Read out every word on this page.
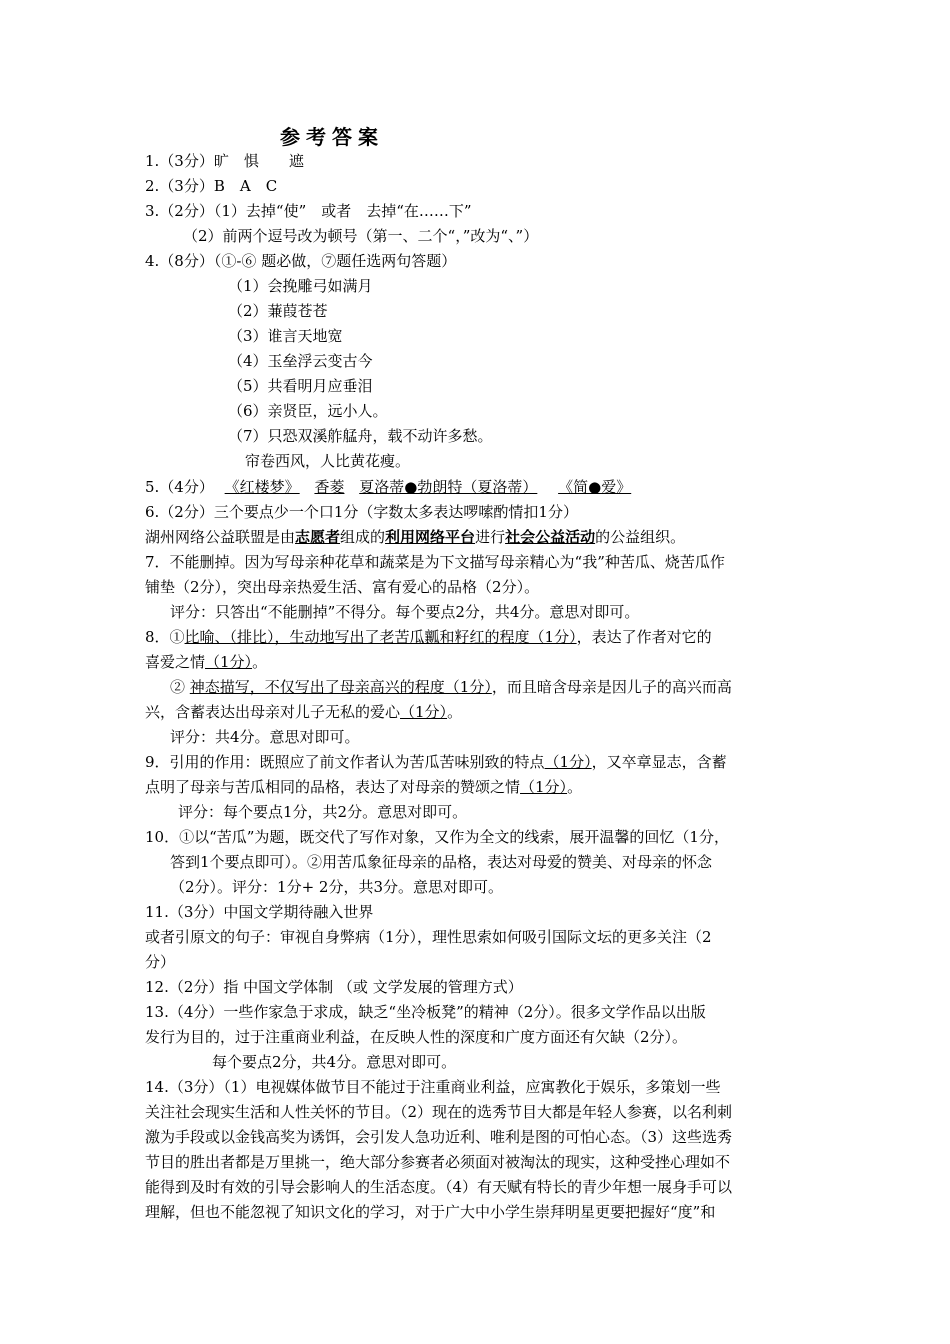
参考答案
1.（3分）旷　惧　　遮
2.（3分）B　A　C
3.（2分）（1）去掉“使”　或者　去掉“在……下”
（2）前两个逗号改为顿号（第一、二个“，”改为“、”）
4.（8分）（①-⑥ 题必做，⑦题任选两句答题）
（1）会挽雕弓如满月
（2）蒹葭苍苍
（3）谁言天地宽
（4）玉垒浮云变古今
（5）共看明月应垂泪
（6）亲贤臣，远小人。
（7）只恐双溪舴艋舟，载不动许多愁。
帘卷西风，人比黄花瘦。
5.（4分） 《红楼梦》 香菱 夏洛蒂●勃朗特（夏洛蒂） 《简●爱》
6.（2分）三个要点少一个口1分（字数太多表达啰嗦酌情扣1分）
湖州网络公益联盟是由志愿者组成的利用网络平台进行社会公益活动的公益组织。
7．不能删掉。因为写母亲种花草和蔬菜是为下文描写母亲精心为“我”种苦瓜、烧苦瓜作
铺垫（2分），突出母亲热爱生活、富有爱心的品格（2分）。
评分：只答出“不能删掉”不得分。每个要点2分，共4分。意思对即可。
8．①比喻、（排比），生动地写出了老苦瓜瓤和籽红的程度（1分），表达了作者对它的
喜爱之情（1分）。
② 神态描写，不仅写出了母亲高兴的程度（1分），而且暗含母亲是因儿子的高兴而高
兴，含蓄表达出母亲对儿子无私的爱心（1分）。
评分：共4分。意思对即可。
9．引用的作用：既照应了前文作者认为苦瓜苦味别致的特点（1分），又卒章显志，含蓄
点明了母亲与苦瓜相同的品格，表达了对母亲的赞颂之情（1分）。
评分：每个要点1分，共2分。意思对即可。
10．①以“苦瓜”为题，既交代了写作对象，又作为全文的线索，展开温馨的回忆（1分，
答到1个要点即可）。②用苦瓜象征母亲的品格，表达对母爱的赞美、对母亲的怀念
（2分）。评分：1分+ 2分，共3分。意思对即可。
11.（3分）中国文学期待融入世界
或者引原文的句子：审视自身弊病（1分），理性思索如何吸引国际文坛的更多关注（2
分）
12.（2分）指 中国文学体制 （或 文学发展的管理方式）
13.（4分）一些作家急于求成，缺乏“坐冷板凳”的精神（2分）。很多文学作品以出版
发行为目的，过于注重商业利益，在反映人性的深度和广度方面还有欠缺（2分）。
每个要点2分，共4分。意思对即可。
14.（3分）（1）电视媒体做节目不能过于注重商业利益，应寓教化于娱乐，多策划一些
关注社会现实生活和人性关怀的节目。（2）现在的选秀节目大都是年轻人参赛，以名利刺
激为手段或以金钱高奖为诱饵，会引发人急功近利、唯利是图的可怕心态。（3）这些选秀
节目的胜出者都是万里挑一，绝大部分参赛者必须面对被淘汰的现实，这种受挫心理如不
能得到及时有效的引导会影响人的生活态度。（4）有天赋有特长的青少年想一展身手可以
理解，但也不能忽视了知识文化的学习，对于广大中小学生崇拜明星更要把握好“度”和
